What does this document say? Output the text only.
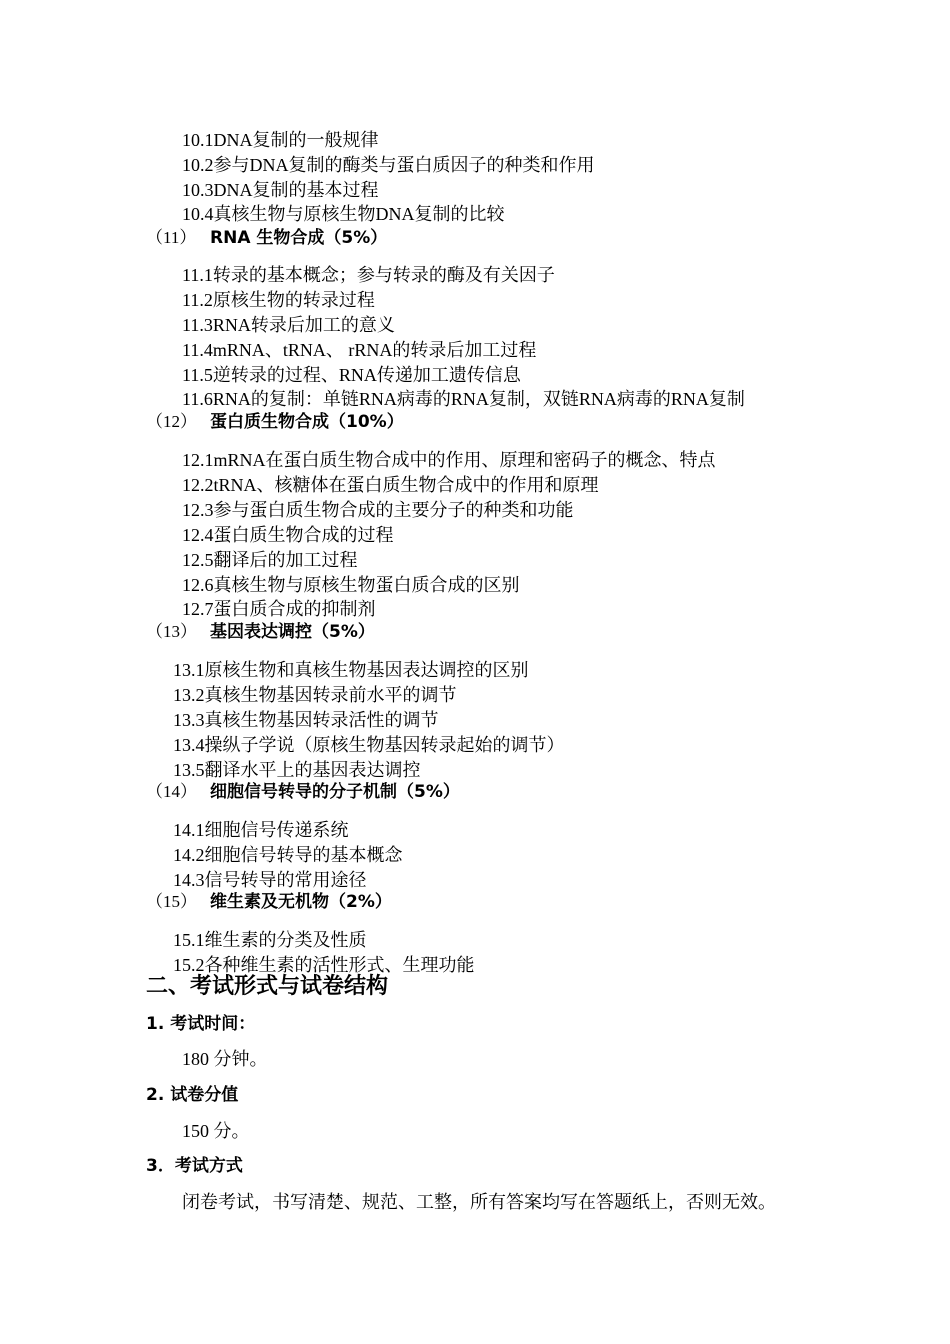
10.1DNA复制的一般规律
10.2参与DNA复制的酶类与蛋白质因子的种类和作用
10.3DNA复制的基本过程
10.4真核生物与原核生物DNA复制的比较
（11） RNA 生物合成（5%）
11.1转录的基本概念；参与转录的酶及有关因子
11.2原核生物的转录过程
11.3RNA转录后加工的意义
11.4mRNA、tRNA、 rRNA的转录后加工过程
11.5逆转录的过程、RNA传递加工遗传信息
11.6RNA的复制：单链RNA病毒的RNA复制，双链RNA病毒的RNA复制
（12） 蛋白质生物合成（10%）
12.1mRNA在蛋白质生物合成中的作用、原理和密码子的概念、特点
12.2tRNA、核糖体在蛋白质生物合成中的作用和原理
12.3参与蛋白质生物合成的主要分子的种类和功能
12.4蛋白质生物合成的过程
12.5翻译后的加工过程
12.6真核生物与原核生物蛋白质合成的区别
12.7蛋白质合成的抑制剂
（13） 基因表达调控（5%）
13.1原核生物和真核生物基因表达调控的区别
13.2真核生物基因转录前水平的调节
13.3真核生物基因转录活性的调节
13.4操纵子学说（原核生物基因转录起始的调节）
13.5翻译水平上的基因表达调控
（14） 细胞信号转导的分子机制（5%）
14.1细胞信号传递系统
14.2细胞信号转导的基本概念
14.3信号转导的常用途径
（15） 维生素及无机物（2%）
15.1维生素的分类及性质
15.2各种维生素的活性形式、生理功能
二、考试形式与试卷结构
1. 考试时间：
180 分钟。
2. 试卷分值
150 分。
3．考试方式
闭卷考试，书写清楚、规范、工整，所有答案均写在答题纸上，否则无效。
